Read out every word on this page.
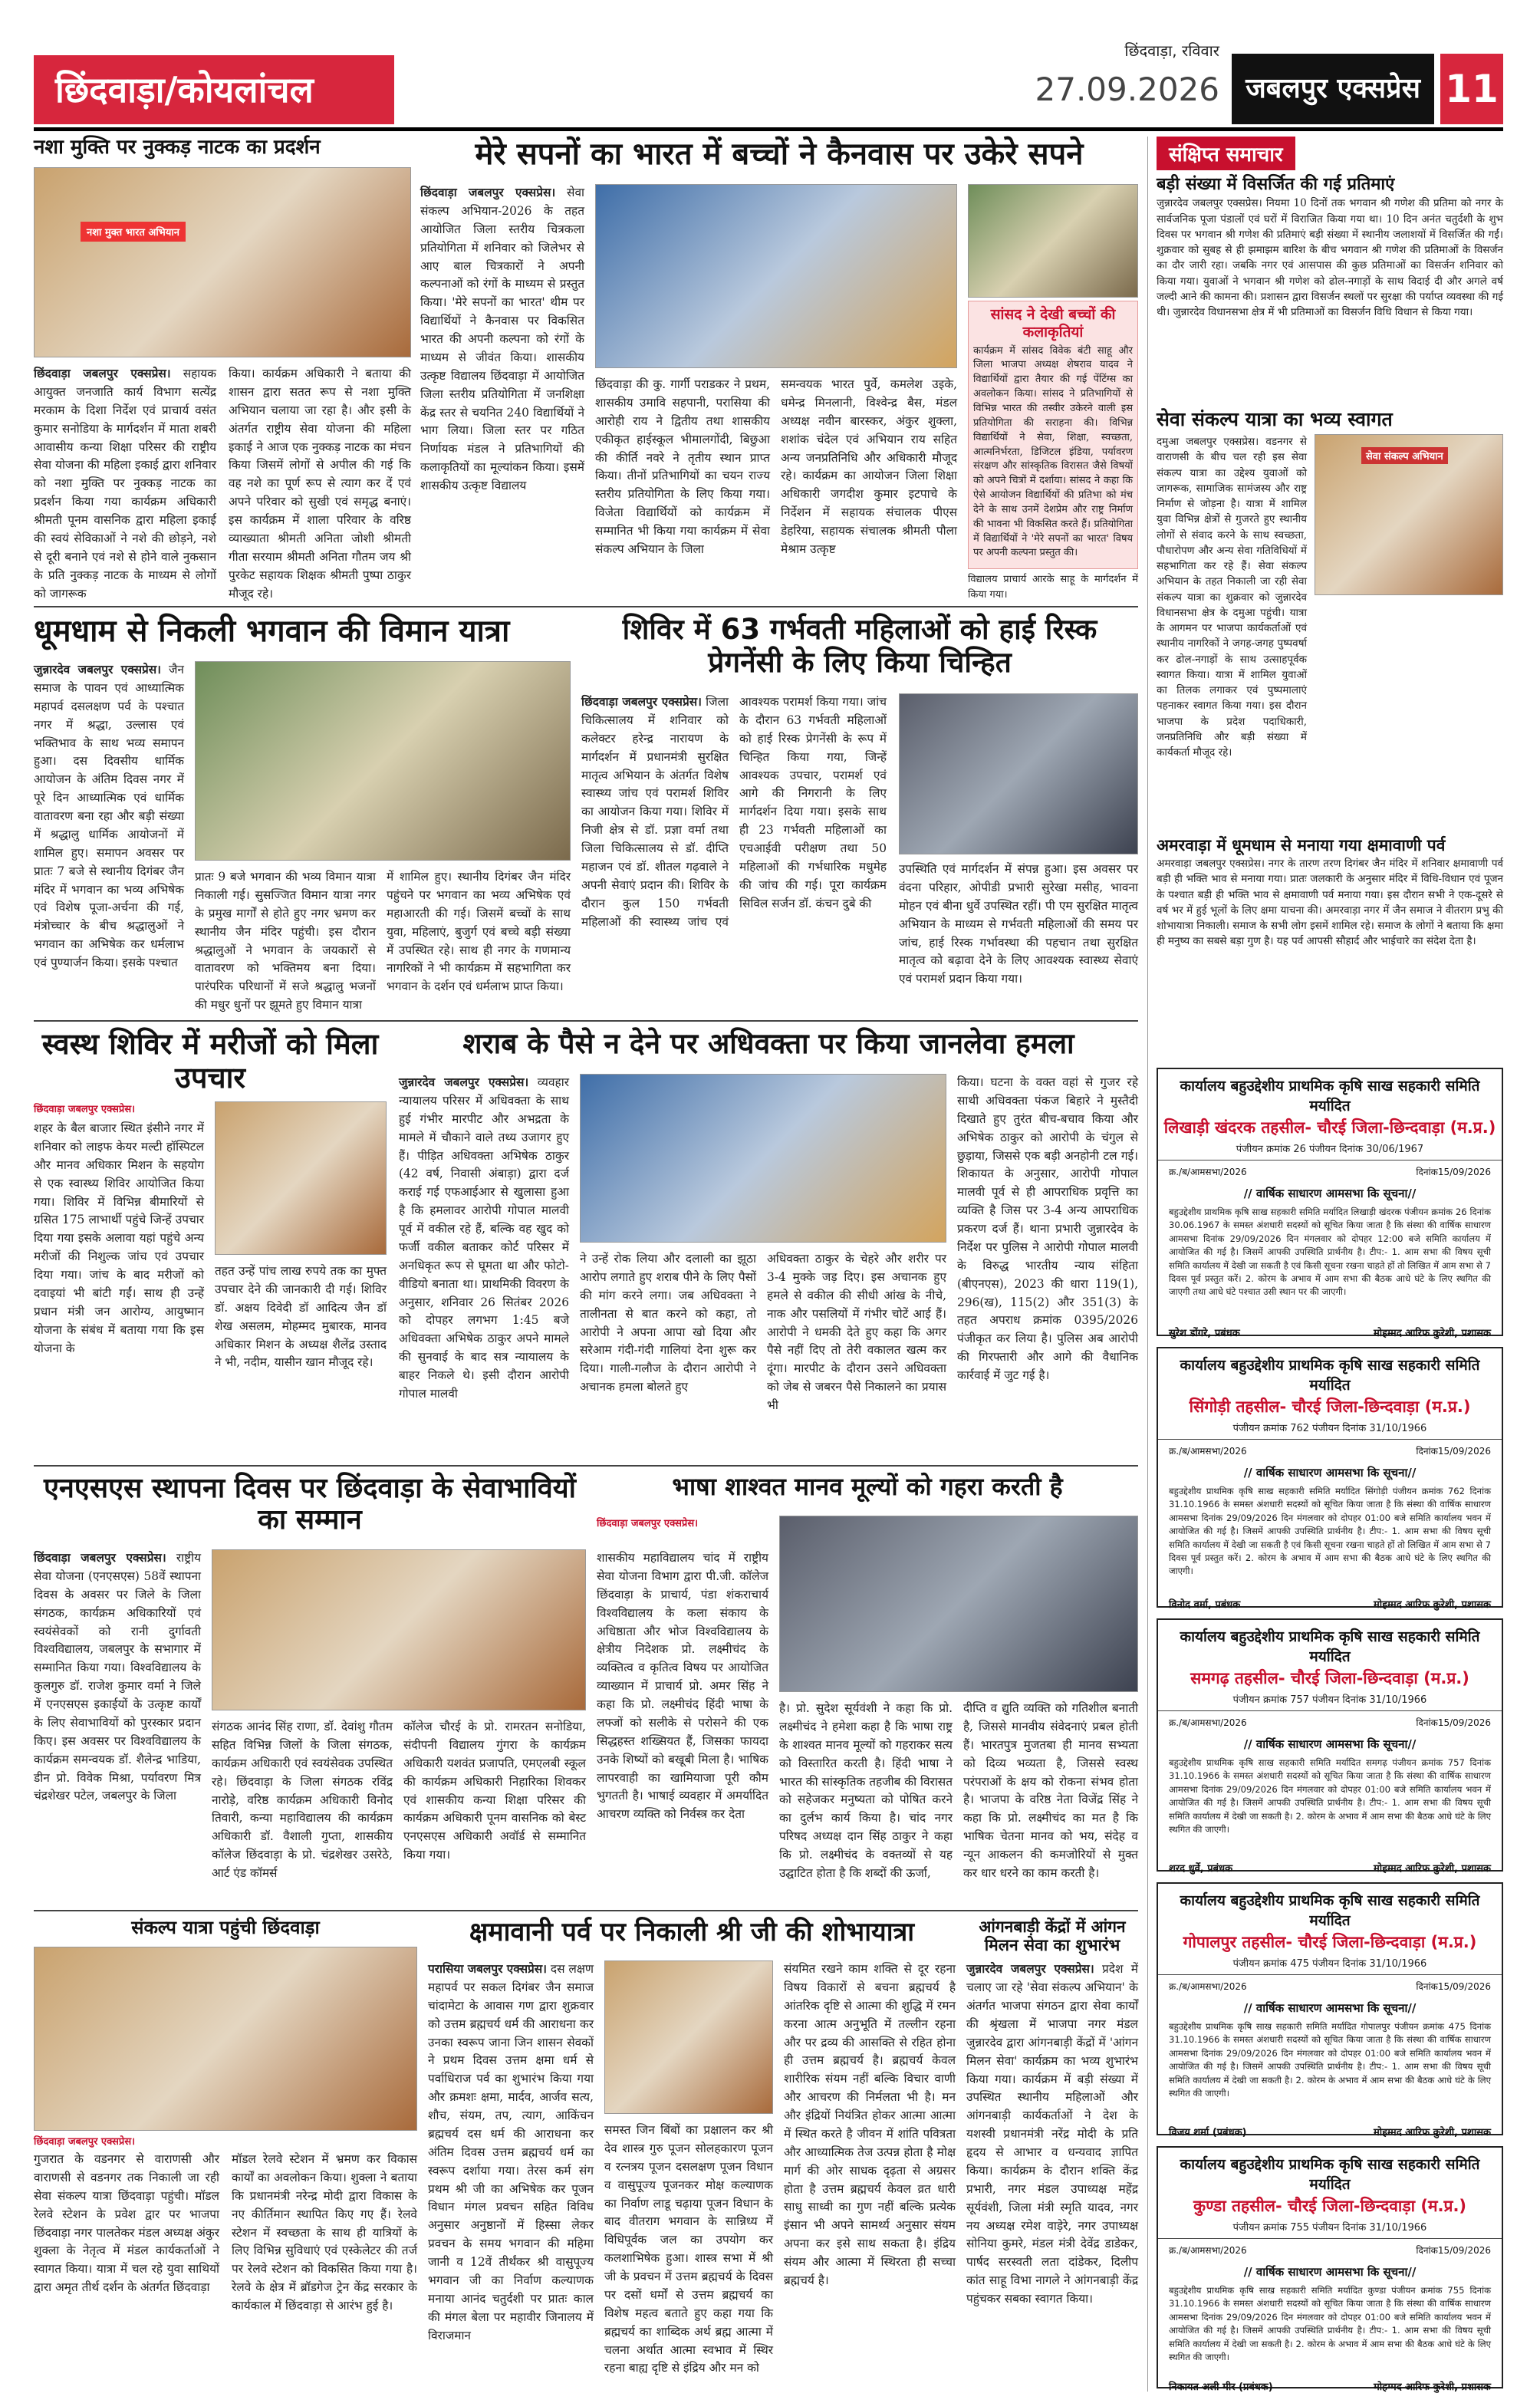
छिंदवाड़ा/कोयलांचल
छिंदवाड़ा, रविवार
27.09.2026 जबलपुर एक्सप्रेस 11
नशा मुक्ति पर नुक्कड़ नाटक का प्रदर्शन
नशा मुक्त भारत अभियान
छिंदवाड़ा जबलपुर एक्सप्रेस। सहायक आयुक्त जनजाति कार्य विभाग सत्येंद्र मरकाम के दिशा निर्देश एवं प्राचार्य वसंत कुमार सनोडिया के मार्गदर्शन में माता शबरी आवासीय कन्या शिक्षा परिसर की राष्ट्रीय सेवा योजना की महिला इकाई द्वारा शनिवार को नशा मुक्ति पर नुक्कड़ नाटक का प्रदर्शन किया गया कार्यक्रम अधिकारी श्रीमती पूनम वासनिक द्वारा महिला इकाई की स्वयं सेविकाओं ने नशे की छोड़ने, नशे से दूरी बनाने एवं नशे से होने वाले नुकसान के प्रति नुक्कड़ नाटक के माध्यम से लोगों को जागरूक
किया। कार्यक्रम अधिकारी ने बताया की शासन द्वारा सतत रूप से नशा मुक्ति अभियान चलाया जा रहा है। और इसी के अंतर्गत राष्ट्रीय सेवा योजना की महिला इकाई ने आज एक नुक्कड़ नाटक का मंचन किया जिसमें लोगों से अपील की गई कि वह नशे का पूर्ण रूप से त्याग कर दें एवं अपने परिवार को सुखी एवं समृद्ध बनाएं। इस कार्यक्रम में शाला परिवार के वरिष्ठ व्याख्याता श्रीमती अनिता जोशी श्रीमती गीता सरयाम श्रीमती अनिता गौतम जय श्री पुरकेट सहायक शिक्षक श्रीमती पुष्पा ठाकुर मौजूद रहे।
मेरे सपनों का भारत में बच्चों ने कैनवास पर उकेरे सपने
छिंदवाड़ा जबलपुर एक्सप्रेस। सेवा संकल्प अभियान-2026 के तहत आयोजित जिला स्तरीय चित्रकला प्रतियोगिता में शनिवार को जिलेभर से आए बाल चित्रकारों ने अपनी कल्पनाओं को रंगों के माध्यम से प्रस्तुत किया। 'मेरे सपनों का भारत' थीम पर विद्यार्थियों ने कैनवास पर विकसित भारत की अपनी कल्पना को रंगों के माध्यम से जीवंत किया। शासकीय उत्कृष्ट विद्यालय छिंदवाड़ा में आयोजित जिला स्तरीय प्रतियोगिता में जनशिक्षा केंद्र स्तर से चयनित 240 विद्यार्थियों ने भाग लिया। जिला स्तर पर गठित निर्णायक मंडल ने प्रतिभागियों की कलाकृतियों का मूल्यांकन किया। इसमें शासकीय उत्कृष्ट विद्यालय
छिंदवाड़ा की कु. गार्गी पराडकर ने प्रथम, शासकीय उमावि सहपानी, परासिया की आरोही राय ने द्वितीय तथा शासकीय एकीकृत हाईस्कूल भीमालगोंदी, बिछुआ की कीर्ति नवरे ने तृतीय स्थान प्राप्त किया। तीनों प्रतिभागियों का चयन राज्य स्तरीय प्रतियोगिता के लिए किया गया। विजेता विद्यार्थियों को कार्यक्रम में सम्मानित भी किया गया कार्यक्रम में सेवा संकल्प अभियान के जिला
समन्वयक भारत पुर्वे, कमलेश उइके, धमेन्द्र मिनलानी, विश्वेन्द्र बैस, मंडल अध्यक्ष नवीन बारस्कर, अंकुर शुक्ला, शशांक चंदेल एवं अभियान राय सहित अन्य जनप्रतिनिधि और अधिकारी मौजूद रहे। कार्यक्रम का आयोजन जिला शिक्षा अधिकारी जगदीश कुमार इटपाचे के निर्देशन में सहायक संचालक पीएस डेहरिया, सहायक संचालक श्रीमती पौला मेश्राम उत्कृष्ट
सांसद ने देखी बच्चों की कलाकृतियां
कार्यक्रम में सांसद विवेक बंटी साहू और जिला भाजपा अध्यक्ष शेषराव यादव ने विद्यार्थियों द्वारा तैयार की गई पेंटिंग्स का अवलोकन किया। सांसद ने प्रतिभागियों से विभिन्न भारत की तस्वीर उकेरने वाली इस प्रतियोगिता की सराहना की। विभिन्न विद्यार्थियों ने सेवा, शिक्षा, स्वच्छता, आत्मनिर्भरता, डिजिटल इंडिया, पर्यावरण संरक्षण और सांस्कृतिक विरासत जैसे विषयों को अपने चित्रों में दर्शाया। सांसद ने कहा कि ऐसे आयोजन विद्यार्थियों की प्रतिभा को मंच देने के साथ उनमें देशप्रेम और राष्ट्र निर्माण की भावना भी विकसित करते हैं। प्रतियोगिता में विद्यार्थियों ने 'मेरे सपनों का भारत' विषय पर अपनी कल्पना प्रस्तुत की।
विद्यालय प्राचार्य आरके साहू के मार्गदर्शन में किया गया।
संक्षिप्त समाचार
बड़ी संख्या में विसर्जित की गई प्रतिमाएं
जुन्नारदेव जबलपुर एक्सप्रेस। नियमा 10 दिनों तक भगवान श्री गणेश की प्रतिमा को नगर के सार्वजनिक पूजा पंडालों एवं घरों में विराजित किया गया था। 10 दिन अनंत चतुर्दशी के शुभ दिवस पर भगवान श्री गणेश की प्रतिमाएं बड़ी संख्या में स्थानीय जलाशयों में विसर्जित की गईं। शुक्रवार को सुबह से ही झमाझम बारिश के बीच भगवान श्री गणेश की प्रतिमाओं के विसर्जन का दौर जारी रहा। जबकि नगर एवं आसपास की कुछ प्रतिमाओं का विसर्जन शनिवार को किया गया। युवाओं ने भगवान श्री गणेश को ढोल-नगाड़ों के साथ विदाई दी और अगले वर्ष जल्दी आने की कामना की। प्रशासन द्वारा विसर्जन स्थलों पर सुरक्षा की पर्याप्त व्यवस्था की गई थी। जुन्नारदेव विधानसभा क्षेत्र में भी प्रतिमाओं का विसर्जन विधि विधान से किया गया।
सेवा संकल्प यात्रा का भव्य स्वागत
दमुआ जबलपुर एक्सप्रेस। वडनगर से वाराणसी के बीच चल रही इस सेवा संकल्प यात्रा का उद्देश्य युवाओं को जागरूक, सामाजिक सामंजस्य और राष्ट्र निर्माण से जोड़ना है। यात्रा में शामिल युवा विभिन्न क्षेत्रों से गुजरते हुए स्थानीय लोगों से संवाद करने के साथ स्वच्छता, पौधारोपण और अन्य सेवा गतिविधियों में सहभागिता कर रहे हैं। सेवा संकल्प अभियान के तहत निकाली जा रही सेवा संकल्प यात्रा का शुक्रवार को जुन्नारदेव विधानसभा क्षेत्र के दमुआ पहुंची। यात्रा के आगमन पर भाजपा कार्यकर्ताओं एवं स्थानीय नागरिकों ने जगह-जगह पुष्पवर्षा कर ढोल-नगाड़ों के साथ उत्साहपूर्वक स्वागत किया। यात्रा में शामिल युवाओं का तिलक लगाकर एवं पुष्पमालाएं पहनाकर स्वागत किया गया। इस दौरान भाजपा के प्रदेश पदाधिकारी, जनप्रतिनिधि और बड़ी संख्या में कार्यकर्ता मौजूद रहे।
सेवा संकल्प अभियान
अमरवाड़ा में धूमधाम से मनाया गया क्षमावाणी पर्व
अमरवाड़ा जबलपुर एक्सप्रेस। नगर के तारण तरण दिगंबर जैन मंदिर में शनिवार क्षमावाणी पर्व बड़ी ही भक्ति भाव से मनाया गया। प्रातः जलकारी के अनुसार मंदिर में विधि-विधान एवं पूजन के पश्चात बड़ी ही भक्ति भाव से क्षमावाणी पर्व मनाया गया। इस दौरान सभी ने एक-दूसरे से वर्ष भर में हुई भूलों के लिए क्षमा याचना की। अमरवाड़ा नगर में जैन समाज ने वीतराग प्रभु की शोभायात्रा निकाली। समाज के सभी लोग इसमें शामिल रहे। समाज के लोगों ने बताया कि क्षमा ही मनुष्य का सबसे बड़ा गुण है। यह पर्व आपसी सौहार्द और भाईचारे का संदेश देता है।
धूमधाम से निकली भगवान की विमान यात्रा
जुन्नारदेव जबलपुर एक्सप्रेस। जैन समाज के पावन एवं आध्यात्मिक महापर्व दसलक्षण पर्व के पश्चात नगर में श्रद्धा, उल्लास एवं भक्तिभाव के साथ भव्य समापन हुआ। दस दिवसीय धार्मिक आयोजन के अंतिम दिवस नगर में पूरे दिन आध्यात्मिक एवं धार्मिक वातावरण बना रहा और बड़ी संख्या में श्रद्धालु धार्मिक आयोजनों में शामिल हुए। समापन अवसर पर प्रातः 7 बजे से स्थानीय दिगंबर जैन मंदिर में भगवान का भव्य अभिषेक एवं विशेष पूजा-अर्चना की गई, मंत्रोच्चार के बीच श्रद्धालुओं ने भगवान का अभिषेक कर धर्मलाभ एवं पुण्यार्जन किया। इसके पश्चात
प्रातः 9 बजे भगवान की भव्य विमान यात्रा निकाली गई। सुसज्जित विमान यात्रा नगर के प्रमुख मार्गों से होते हुए नगर भ्रमण कर स्थानीय जैन मंदिर पहुंची। इस दौरान श्रद्धालुओं ने भगवान के जयकारों से वातावरण को भक्तिमय बना दिया। पारंपरिक परिधानों में सजे श्रद्धालु भजनों की मधुर धुनों पर झूमते हुए विमान यात्रा
में शामिल हुए। स्थानीय दिगंबर जैन मंदिर पहुंचने पर भगवान का भव्य अभिषेक एवं महाआरती की गई। जिसमें बच्चों के साथ युवा, महिलाएं, बुजुर्ग एवं बच्चे बड़ी संख्या में उपस्थित रहे। साथ ही नगर के गणमान्य नागरिकों ने भी कार्यक्रम में सहभागिता कर भगवान के दर्शन एवं धर्मलाभ प्राप्त किया।
शिविर में 63 गर्भवती महिलाओं को हाई रिस्क प्रेगनेंसी के लिए किया चिन्हित
छिंदवाड़ा जबलपुर एक्सप्रेस। जिला चिकित्सालय में शनिवार को कलेक्टर हरेन्द्र नारायण के मार्गदर्शन में प्रधानमंत्री सुरक्षित मातृत्व अभियान के अंतर्गत विशेष स्वास्थ्य जांच एवं परामर्श शिविर का आयोजन किया गया। शिविर में निजी क्षेत्र से डॉ. प्रज्ञा वर्मा तथा जिला चिकित्सालय से डॉ. दीप्ति महाजन एवं डॉ. शीतल गढ़वाले ने अपनी सेवाएं प्रदान की। शिविर के दौरान कुल 150 गर्भवती महिलाओं की स्वास्थ्य जांच एवं आवश्यक परामर्श किया गया। जांच के दौरान 63 गर्भवती महिलाओं को हाई रिस्क प्रेगनेंसी के रूप में चिन्हित किया गया, जिन्हें आवश्यक उपचार, परामर्श एवं आगे की निगरानी के लिए मार्गदर्शन दिया गया। इसके साथ ही 23 गर्भवती महिलाओं का एचआईवी परीक्षण तथा 50 महिलाओं की गर्भधारिक मधुमेह की जांच की गई। पूरा कार्यक्रम सिविल सर्जन डॉ. कंचन दुबे की
उपस्थिति एवं मार्गदर्शन में संपन्न हुआ। इस अवसर पर वंदना परिहार, ओपीडी प्रभारी सुरेखा मसीह, भावना मोहन एवं बीना धुर्वे उपस्थित रहीं। पी एम सुरक्षित मातृत्व अभियान के माध्यम से गर्भवती महिलाओं की समय पर जांच, हाई रिस्क गर्भावस्था की पहचान तथा सुरक्षित मातृत्व को बढ़ावा देने के लिए आवश्यक स्वास्थ्य सेवाएं एवं परामर्श प्रदान किया गया।
स्वस्थ शिविर में मरीजों को मिला उपचार
छिंदवाड़ा जबलपुर एक्सप्रेस।
शहर के बैल बाजार स्थित इंसीने नगर में शनिवार को लाइफ केयर मल्टी हॉस्पिटल और मानव अधिकार मिशन के सहयोग से एक स्वास्थ्य शिविर आयोजित किया गया। शिविर में विभिन्न बीमारियों से ग्रसित 175 लाभार्थी पहुंचे जिन्हें उपचार दिया गया इसके अलावा यहां पहुंचे अन्य मरीजों की निशुल्क जांच एवं उपचार दिया गया। जांच के बाद मरीजों को दवाइयां भी बांटी गईं। साथ ही उन्हें प्रधान मंत्री जन आरोग्य, आयुष्मान योजना के संबंध में बताया गया कि इस योजना के
तहत उन्हें पांच लाख रुपये तक का मुफ्त उपचार देने की जानकारी दी गई। शिविर डॉ. अक्षय दिवेदी डॉ आदित्य जैन डॉ शेख असलम, मोहम्मद मुबारक, मानव अधिकार मिशन के अध्यक्ष शैलेंद्र उस्ताद ने भी, नदीम, यासीन खान मौजूद रहे।
शराब के पैसे न देने पर अधिवक्ता पर किया जानलेवा हमला
जुन्नारदेव जबलपुर एक्सप्रेस। व्यवहार न्यायालय परिसर में अधिवक्ता के साथ हुई गंभीर मारपीट और अभद्रता के मामले में चौकाने वाले तथ्य उजागर हुए हैं। पीड़ित अधिवक्ता अभिषेक ठाकुर (42 वर्ष, निवासी अंबाड़ा) द्वारा दर्ज कराई गई एफआईआर से खुलासा हुआ है कि हमलावर आरोपी गोपाल मालवी पूर्व में वकील रहे हैं, बल्कि वह खुद को फर्जी वकील बताकर कोर्ट परिसर में अनधिकृत रूप से घूमता था और फोटो-वीडियो बनाता था। प्राथमिकी विवरण के अनुसार, शनिवार 26 सितंबर 2026 को दोपहर लगभग 1:45 बजे अधिवक्ता अभिषेक ठाकुर अपने मामले की सुनवाई के बाद सत्र न्यायालय के बाहर निकले थे। इसी दौरान आरोपी गोपाल मालवी
ने उन्हें रोक लिया और दलाली का झूठा आरोप लगाते हुए शराब पीने के लिए पैसों की मांग करने लगा। जब अधिवक्ता ने तालीनता से बात करने को कहा, तो आरोपी ने अपना आपा खो दिया और सरेआम गंदी-गंदी गालियां देना शुरू कर दिया। गाली-गलौज के दौरान आरोपी ने अचानक हमला बोलते हुए
अधिवक्ता ठाकुर के चेहरे और शरीर पर 3-4 मुक्के जड़ दिए। इस अचानक हुए हमले से वकील की सीधी आंख के नीचे, नाक और पसलियों में गंभीर चोटें आई हैं। आरोपी ने धमकी देते हुए कहा कि अगर पैसे नहीं दिए तो तेरी वकालत खत्म कर दूंगा। मारपीट के दौरान उसने अधिवक्ता को जेब से जबरन पैसे निकालने का प्रयास भी
किया। घटना के वक्त वहां से गुजर रहे साथी अधिवक्ता पंकज बिहारे ने मुस्तैदी दिखाते हुए तुरंत बीच-बचाव किया और अभिषेक ठाकुर को आरोपी के चंगुल से छुड़ाया, जिससे एक बड़ी अनहोनी टल गई। शिकायत के अनुसार, आरोपी गोपाल मालवी पूर्व से ही आपराधिक प्रवृत्ति का व्यक्ति है जिस पर 3-4 अन्य आपराधिक प्रकरण दर्ज हैं। थाना प्रभारी जुन्नारदेव के निर्देश पर पुलिस ने आरोपी गोपाल मालवी के विरुद्ध भारतीय न्याय संहिता (बीएनएस), 2023 की धारा 119(1), 296(ख), 115(2) और 351(3) के तहत अपराध क्रमांक 0395/2026 पंजीकृत कर लिया है। पुलिस अब आरोपी की गिरफ्तारी और आगे की वैधानिक कार्रवाई में जुट गई है।
एनएसएस स्थापना दिवस पर छिंदवाड़ा के सेवाभावियों का सम्मान
छिंदवाड़ा जबलपुर एक्सप्रेस। राष्ट्रीय सेवा योजना (एनएसएस) 58वें स्थापना दिवस के अवसर पर जिले के जिला संगठक, कार्यक्रम अधिकारियों एवं स्वयंसेवकों को रानी दुर्गावती विश्वविद्यालय, जबलपुर के सभागार में सम्मानित किया गया। विश्वविद्यालय के कुलगुरु डॉ. राजेश कुमार वर्मा ने जिले में एनएसएस इकाईयों के उत्कृष्ट कार्यों के लिए सेवाभावियों को पुरस्कार प्रदान किए। इस अवसर पर विश्वविद्यालय के कार्यक्रम समन्वयक डॉ. शैलेन्द्र भाडिया, डीन प्रो. विवेक मिश्रा, पर्यावरण मित्र चंद्रशेखर पटेल, जबलपुर के जिला
संगठक आनंद सिंह राणा, डॉ. देवांशु गौतम सहित विभिन्न जिलों के जिला संगठक, कार्यक्रम अधिकारी एवं स्वयंसेवक उपस्थित रहे। छिंदवाड़ा के जिला संगठक रविंद्र नारोड़े, वरिष्ठ कार्यक्रम अधिकारी विनोद तिवारी, कन्या महाविद्यालय की कार्यक्रम अधिकारी डॉ. वैशाली गुप्ता, शासकीय कॉलेज छिंदवाड़ा के प्रो. चंद्रशेखर उसरेठे, आर्ट एंड कॉमर्स
कॉलेज चौरई के प्रो. रामरतन सनोडिया, संदीपनी विद्यालय गुंगरा के कार्यक्रम अधिकारी यशवंत प्रजापति, एमएलबी स्कूल की कार्यक्रम अधिकारी निहारिका शिवकर एवं शासकीय कन्या शिक्षा परिसर की कार्यक्रम अधिकारी पूनम वासनिक को बेस्ट एनएसएस अधिकारी अवॉर्ड से सम्मानित किया गया।
भाषा शाश्वत मानव मूल्यों को गहरा करती है
छिंदवाड़ा जबलपुर एक्सप्रेस।
शासकीय महाविद्यालय चांद में राष्ट्रीय सेवा योजना विभाग द्वारा पी.जी. कॉलेज छिंदवाड़ा के प्राचार्य, पंडा शंकराचार्य विश्वविद्यालय के कला संकाय के अधिष्ठाता और भोज विश्वविद्यालय के क्षेत्रीय निदेशक प्रो. लक्ष्मीचंद के व्यक्तित्व व कृतित्व विषय पर आयोजित व्याख्यान में प्राचार्य प्रो. अमर सिंह ने कहा कि प्रो. लक्ष्मीचंद हिंदी भाषा के लफ्जों को सलीके से परोसने की एक सिद्धहस्त शख्सियत हैं, जिसका फायदा उनके शिष्यों को बखूबी मिला है। भाषिक लापरवाही का खामियाजा पूरी कौम भुगतती है। भाषाई व्यवहार में अमर्यादित आचरण व्यक्ति को निर्वस्त्र कर देता
है। प्रो. सुदेश सूर्यवंशी ने कहा कि प्रो. लक्ष्मीचंद ने हमेशा कहा है कि भाषा राष्ट्र के शाश्वत मानव मूल्यों को गहराकर सत्य को विस्तारित करती है। हिंदी भाषा ने भारत की सांस्कृतिक तहजीब की विरासत को सहेजकर मनुष्यता को पोषित करने का दुर्लभ कार्य किया है। चांद नगर परिषद अध्यक्ष दान सिंह ठाकुर ने कहा कि प्रो. लक्ष्मीचंद के वक्तव्यों से यह उद्घाटित होता है कि शब्दों की ऊर्जा,
दीप्ति व द्युति व्यक्ति को गतिशील बनाती है, जिससे मानवीय संवेदनाएं प्रबल होती हैं। भारतपुत्र मुजतबा ही मानव सभ्यता को दिव्य भव्यता है, जिससे स्वस्थ परंपराओं के क्षय को रोकना संभव होता है। भाजपा के वरिष्ठ नेता विजेंद्र सिंह ने कहा कि प्रो. लक्ष्मीचंद का मत है कि भाषिक चेतना मानव को भय, संदेह व न्यून आकलन की कमजोरियों से मुक्त कर धार धरने का काम करती है।
संकल्प यात्रा पहुंची छिंदवाड़ा
छिंदवाड़ा जबलपुर एक्सप्रेस।
गुजरात के वडनगर से वाराणसी और वाराणसी से वडनगर तक निकाली जा रही सेवा संकल्प यात्रा छिंदवाड़ा पहुंची। मॉडल रेलवे स्टेशन के प्रवेश द्वार पर भाजपा छिंदवाड़ा नगर पालतेकर मंडल अध्यक्ष अंकुर शुक्ला के नेतृत्व में मंडल कार्यकर्ताओं ने स्वागत किया। यात्रा में चल रहे युवा साथियों द्वारा अमृत तीर्थ दर्शन के अंतर्गत छिंदवाड़ा
मॉडल रेलवे स्टेशन में भ्रमण कर विकास कार्यों का अवलोकन किया। शुक्ला ने बताया कि प्रधानमंत्री नरेन्द्र मोदी द्वारा विकास के नए कीर्तिमान स्थापित किए गए हैं। रेलवे स्टेशन में स्वच्छता के साथ ही यात्रियों के लिए विभिन्न सुविधाएं एवं एस्केलेटर की तर्ज पर रेलवे स्टेशन को विकसित किया गया है। रेलवे के क्षेत्र में ब्रॉडगेज ट्रेन केंद्र सरकार के कार्यकाल में छिंदवाड़ा से आरंभ हुई है।
क्षमावानी पर्व पर निकाली श्री जी की शोभायात्रा
परासिया जबलपुर एक्सप्रेस। दस लक्षण महापर्व पर सकल दिगंबर जैन समाज चांदामेटा के आवास गण द्वारा शुक्रवार को उत्तम ब्रह्मचर्य धर्म की आराधना कर उनका स्वरूप जाना जिन शासन सेवकों ने प्रथम दिवस उत्तम क्षमा धर्म से पर्वाधिराज पर्व का शुभारंभ किया गया और क्रमशः क्षमा, मार्दव, आर्जव सत्य, शौच, संयम, तप, त्याग, आकिंचन ब्रह्मचर्य दस धर्म की आराधना कर अंतिम दिवस उत्तम ब्रह्मचर्य धर्म का स्वरूप दर्शाया गया। तेरस कर्म संग प्रथम श्री जी का अभिषेक कर पूजन विधान मंगल प्रवचन सहित विविध अनुसार अनुष्ठानों में हिस्सा लेकर प्रवचन के समय भगवान की महिमा जानी व 12वें तीर्थंकर श्री वासुपूज्य भगवान जी का निर्वाण कल्याणक मनाया आनंद चतुर्दशी पर प्रातः काल की मंगल बेला पर महावीर जिनालय में विराजमान
समस्त जिन बिंबों का प्रक्षालन कर श्री देव शास्त्र गुरु पूजन सोलहकारण पूजन व रत्नत्रय पूजन दसलक्षण पूजन विधान व वासुपूज्य पूजनकर मोक्ष कल्याणक का निर्वाण लाडू चढ़ाया पूजन विधान के बाद वीतराग भगवान के सान्निध्य में विधिपूर्वक जल का उपयोग कर कलशाभिषेक हुआ। शास्त्र सभा में श्री जी के प्रवचन में उत्तम ब्रह्मचर्य के दिवस पर दसों धर्मों से उत्तम ब्रह्मचर्य का विशेष महत्व बताते हुए कहा गया कि ब्रह्मचर्य का शाब्दिक अर्थ ब्रह्म आत्मा में चलना अर्थात आत्मा स्वभाव में स्थिर रहना बाह्य दृष्टि से इंद्रिय और मन को
संयमित रखने काम शक्ति से दूर रहना विषय विकारों से बचना ब्रह्मचर्य है आंतरिक दृष्टि से आत्मा की शुद्धि में रमन करना आत्म अनुभूति में तल्लीन रहना और पर द्रव्य की आसक्ति से रहित होना ही उत्तम ब्रह्मचर्य है। ब्रह्मचर्य केवल शारीरिक संयम नहीं बल्कि विचार वाणी और आचरण की निर्मलता भी है। मन और इंद्रियों नियंत्रित होकर आत्मा आत्मा में स्थित करते है जीवन में शांति पवित्रता और आध्यात्मिक तेज उत्पन्न होता है मोक्ष मार्ग की ओर साधक दृढ़ता से अग्रसर होता है उत्तम ब्रह्मचर्य केवल व्रत धारी साधु साध्वी का गुण नहीं बल्कि प्रत्येक इंसान भी अपने सामर्थ्य अनुसार संयम अपना कर इसे साथ सकता है। इंद्रिय संयम और आत्मा में स्थिरता ही सच्चा ब्रह्मचर्य है।
आंगनबाड़ी केंद्रों में आंगन मिलन सेवा का शुभारंभ
जुन्नारदेव जबलपुर एक्सप्रेस। प्रदेश में चलाए जा रहे 'सेवा संकल्प अभियान' के अंतर्गत भाजपा संगठन द्वारा सेवा कार्यों की श्रृंखला में भाजपा नगर मंडल जुन्नारदेव द्वारा आंगनबाड़ी केंद्रों में 'आंगन मिलन सेवा' कार्यक्रम का भव्य शुभारंभ किया गया। कार्यक्रम में बड़ी संख्या में उपस्थित स्थानीय महिलाओं और आंगनबाड़ी कार्यकर्ताओं ने देश के यशस्वी प्रधानमंत्री नरेंद्र मोदी के प्रति हृदय से आभार व धन्यवाद ज्ञापित किया। कार्यक्रम के दौरान शक्ति केंद्र प्रभारी, नगर मंडल उपाध्यक्ष महेंद्र सूर्यवंशी, जिला मंत्री स्मृति यादव, नगर नय अध्यक्ष रमेश वाड़ेरे, नगर उपाध्यक्ष सोनिया कुमरे, मंडल मंत्री देवेंद्र डाडेकर, पार्षद सरस्वती लता दांडेकर, दिलीप कांत साहू विभा नागले ने आंगनबाड़ी केंद्र पहुंचकर सबका स्वागत किया।
कार्यालय बहुउद्देशीय प्राथमिक कृषि साख सहकारी समिति मर्यादित
लिखाड़ी खंदरक तहसील- चौरई जिला-छिन्दवाड़ा (म.प्र.)
पंजीयन क्रमांक 26 पंजीयन दिनांक 30/06/1967
क्र./ब/आमसभा/2026	दिनांक15/09/2026
// वार्षिक साधारण आमसभा कि सूचना//
बहुउद्देशीय प्राथमिक कृषि साख सहकारी समिति मर्यादित लिखाड़ी खंदरक पंजीयन क्रमांक 26 दिनांक 30.06.1967 के समस्त अंशधारी सदस्यों को सूचित किया जाता है कि संस्था की वार्षिक साधारण आमसभा दिनांक 29/09/2026 दिन मंगलवार को दोपहर 12:00 बजे समिति कार्यालय में आयोजित की गई है। जिसमें आपकी उपस्थिति प्रार्थनीय है। टीप:- 1. आम सभा की विषय सूची समिति कार्यालय में देखी जा सकती है एवं किसी सूचना रखना चाहते हों तो लिखित में आम सभा से 7 दिवस पूर्व प्रस्तुत करें। 2. कोरम के अभाव में आम सभा की बैठक आधे घंटे के लिए स्थगित की जाएगी तथा आधे घंटे पश्चात उसी स्थान पर की जाएगी।
सुरेश डोंगरे, प्रबंधक	मोहम्मद आरिफ कुरेशी, प्रशासक
कार्यालय बहुउद्देशीय प्राथमिक कृषि साख सहकारी समिति मर्यादित
सिंगोड़ी तहसील- चौरई जिला-छिन्दवाड़ा (म.प्र.)
पंजीयन क्रमांक 762 पंजीयन दिनांक 31/10/1966
क्र./ब/आमसभा/2026	दिनांक15/09/2026
// वार्षिक साधारण आमसभा कि सूचना//
बहुउद्देशीय प्राथमिक कृषि साख सहकारी समिति मर्यादित सिंगोड़ी पंजीयन क्रमांक 762 दिनांक 31.10.1966 के समस्त अंशधारी सदस्यों को सूचित किया जाता है कि संस्था की वार्षिक साधारण आमसभा दिनांक 29/09/2026 दिन मंगलवार को दोपहर 01:00 बजे समिति कार्यालय भवन में आयोजित की गई है। जिसमें आपकी उपस्थिति प्रार्थनीय है। टीप:- 1. आम सभा की विषय सूची समिति कार्यालय में देखी जा सकती है एवं किसी सूचना रखना चाहते हों तो लिखित में आम सभा से 7 दिवस पूर्व प्रस्तुत करें। 2. कोरम के अभाव में आम सभा की बैठक आधे घंटे के लिए स्थगित की जाएगी।
विनोद वर्मा, प्रबंधक	मोहम्मद आरिफ कुरेशी, प्रशासक
कार्यालय बहुउद्देशीय प्राथमिक कृषि साख सहकारी समिति मर्यादित
समगढ़ तहसील- चौरई जिला-छिन्दवाड़ा (म.प्र.)
पंजीयन क्रमांक 757 पंजीयन दिनांक 31/10/1966
क्र./ब/आमसभा/2026	दिनांक15/09/2026
// वार्षिक साधारण आमसभा कि सूचना//
बहुउद्देशीय प्राथमिक कृषि साख सहकारी समिति मर्यादित समगढ़ पंजीयन क्रमांक 757 दिनांक 31.10.1966 के समस्त अंशधारी सदस्यों को सूचित किया जाता है कि संस्था की वार्षिक साधारण आमसभा दिनांक 29/09/2026 दिन मंगलवार को दोपहर 01:00 बजे समिति कार्यालय भवन में आयोजित की गई है। जिसमें आपकी उपस्थिति प्रार्थनीय है। टीप:- 1. आम सभा की विषय सूची समिति कार्यालय में देखी जा सकती है। 2. कोरम के अभाव में आम सभा की बैठक आधे घंटे के लिए स्थगित की जाएगी।
शरद धुर्वे, प्रबंधक	मोहम्मद आरिफ कुरेशी, प्रशासक
कार्यालय बहुउद्देशीय प्राथमिक कृषि साख सहकारी समिति मर्यादित
गोपालपुर तहसील- चौरई जिला-छिन्दवाड़ा (म.प्र.)
पंजीयन क्रमांक 475 पंजीयन दिनांक 31/10/1966
क्र./ब/आमसभा/2026	दिनांक15/09/2026
// वार्षिक साधारण आमसभा कि सूचना//
बहुउद्देशीय प्राथमिक कृषि साख सहकारी समिति मर्यादित गोपालपुर पंजीयन क्रमांक 475 दिनांक 31.10.1966 के समस्त अंशधारी सदस्यों को सूचित किया जाता है कि संस्था की वार्षिक साधारण आमसभा दिनांक 29/09/2026 दिन मंगलवार को दोपहर 01:00 बजे समिति कार्यालय भवन में आयोजित की गई है। जिसमें आपकी उपस्थिति प्रार्थनीय है। टीप:- 1. आम सभा की विषय सूची समिति कार्यालय में देखी जा सकती है। 2. कोरम के अभाव में आम सभा की बैठक आधे घंटे के लिए स्थगित की जाएगी।
विजय शर्मा (प्रबंधक)	मोहम्मद आरिफ कुरेशी, प्रशासक
कार्यालय बहुउद्देशीय प्राथमिक कृषि साख सहकारी समिति मर्यादित
कुण्डा तहसील- चौरई जिला-छिन्दवाड़ा (म.प्र.)
पंजीयन क्रमांक 755 पंजीयन दिनांक 31/10/1966
क्र./ब/आमसभा/2026	दिनांक15/09/2026
// वार्षिक साधारण आमसभा कि सूचना//
बहुउद्देशीय प्राथमिक कृषि साख सहकारी समिति मर्यादित कुण्डा पंजीयन क्रमांक 755 दिनांक 31.10.1966 के समस्त अंशधारी सदस्यों को सूचित किया जाता है कि संस्था की वार्षिक साधारण आमसभा दिनांक 29/09/2026 दिन मंगलवार को दोपहर 01:00 बजे समिति कार्यालय भवन में आयोजित की गई है। जिसमें आपकी उपस्थिति प्रार्थनीय है। टीप:- 1. आम सभा की विषय सूची समिति कार्यालय में देखी जा सकती है। 2. कोरम के अभाव में आम सभा की बैठक आधे घंटे के लिए स्थगित की जाएगी।
निकायत अली मीर (प्रबंधक)	मोहम्मद आरिफ कुरेशी, प्रशासक
